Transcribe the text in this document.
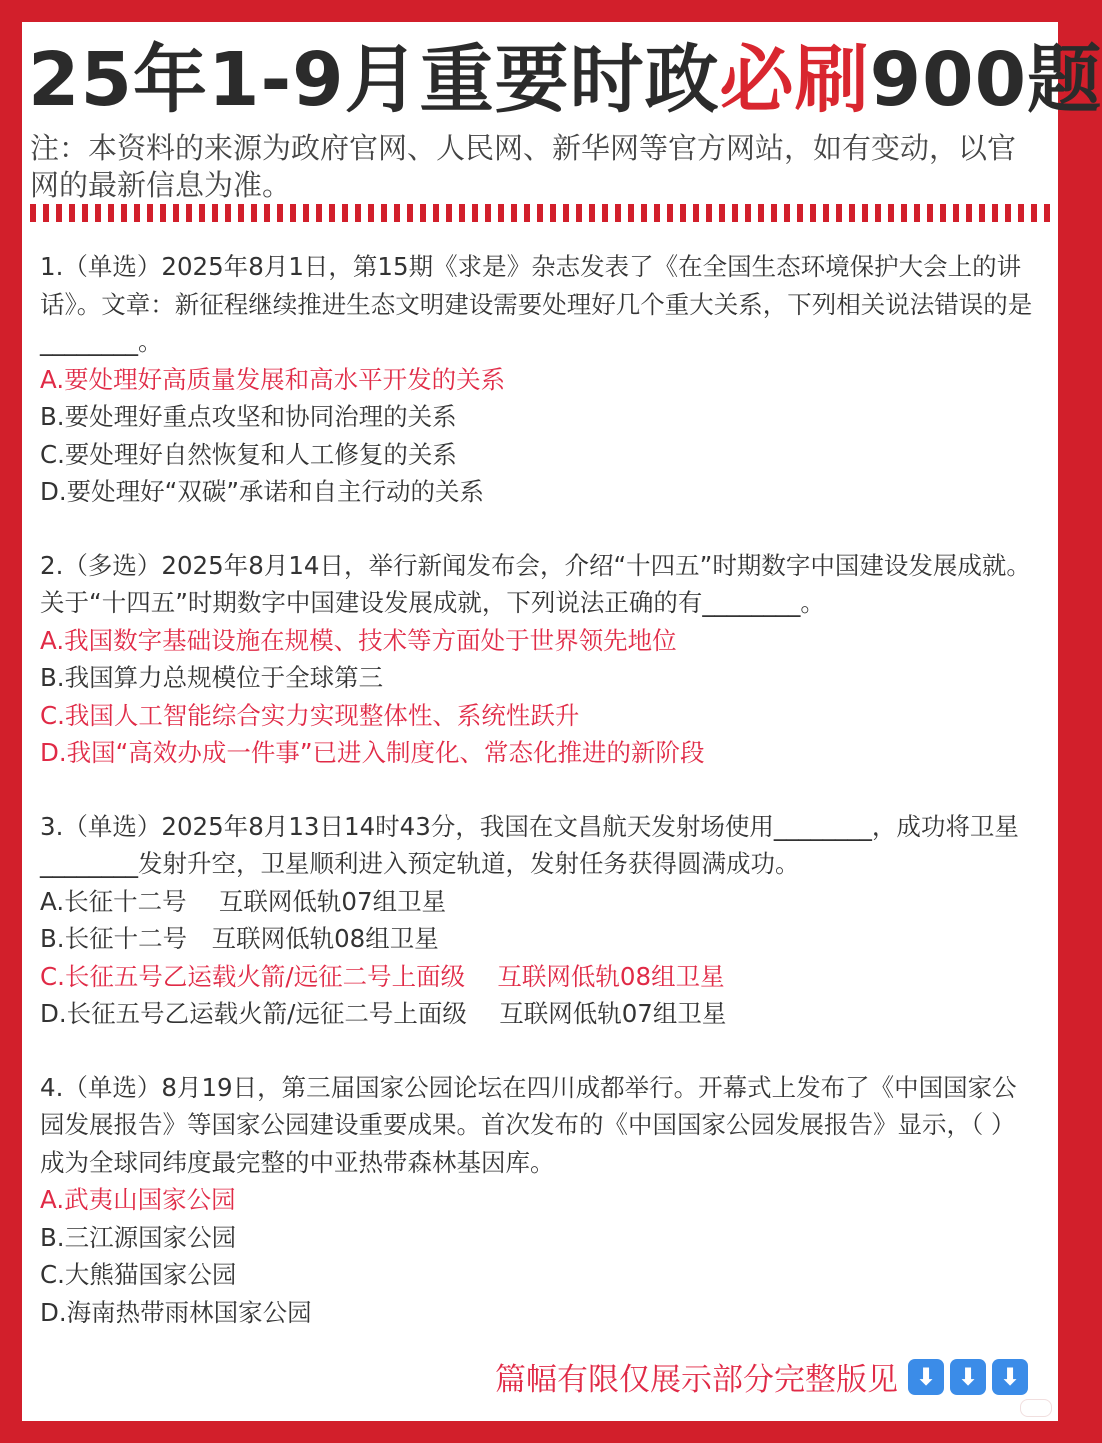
25年1-9月重要时政必刷900题
注：本资料的来源为政府官网、人民网、新华网等官方网站，如有变动，以官网的最新信息为准。
1.（单选）2025年8月1日，第15期《求是》杂志发表了《在全国生态环境保护大会上的讲话》。文章：新征程继续推进生态文明建设需要处理好几个重大关系，下列相关说法错误的是________。
A.要处理好高质量发展和高水平开发的关系
B.要处理好重点攻坚和协同治理的关系
C.要处理好自然恢复和人工修复的关系
D.要处理好“双碳”承诺和自主行动的关系
2.（多选）2025年8月14日，举行新闻发布会，介绍“十四五”时期数字中国建设发展成就。关于“十四五”时期数字中国建设发展成就，下列说法正确的有________。
A.我国数字基础设施在规模、技术等方面处于世界领先地位
B.我国算力总规模位于全球第三
C.我国人工智能综合实力实现整体性、系统性跃升
D.我国“高效办成一件事”已进入制度化、常态化推进的新阶段
3.（单选）2025年8月13日14时43分，我国在文昌航天发射场使用________，成功将卫星________发射升空，卫星顺利进入预定轨道，发射任务获得圆满成功。
A.长征十二号　 互联网低轨07组卫星
B.长征十二号　互联网低轨08组卫星
C.长征五号乙运载火箭/远征二号上面级　 互联网低轨08组卫星
D.长征五号乙运载火箭/远征二号上面级　 互联网低轨07组卫星
4.（单选）8月19日，第三届国家公园论坛在四川成都举行。开幕式上发布了《中国国家公园发展报告》等国家公园建设重要成果。首次发布的《中国国家公园发展报告》显示，（ ）成为全球同纬度最完整的中亚热带森林基因库。
A.武夷山国家公园
B.三江源国家公园
C.大熊猫国家公园
D.海南热带雨林国家公园
篇幅有限仅展示部分完整版见 ⬇ ⬇ ⬇
